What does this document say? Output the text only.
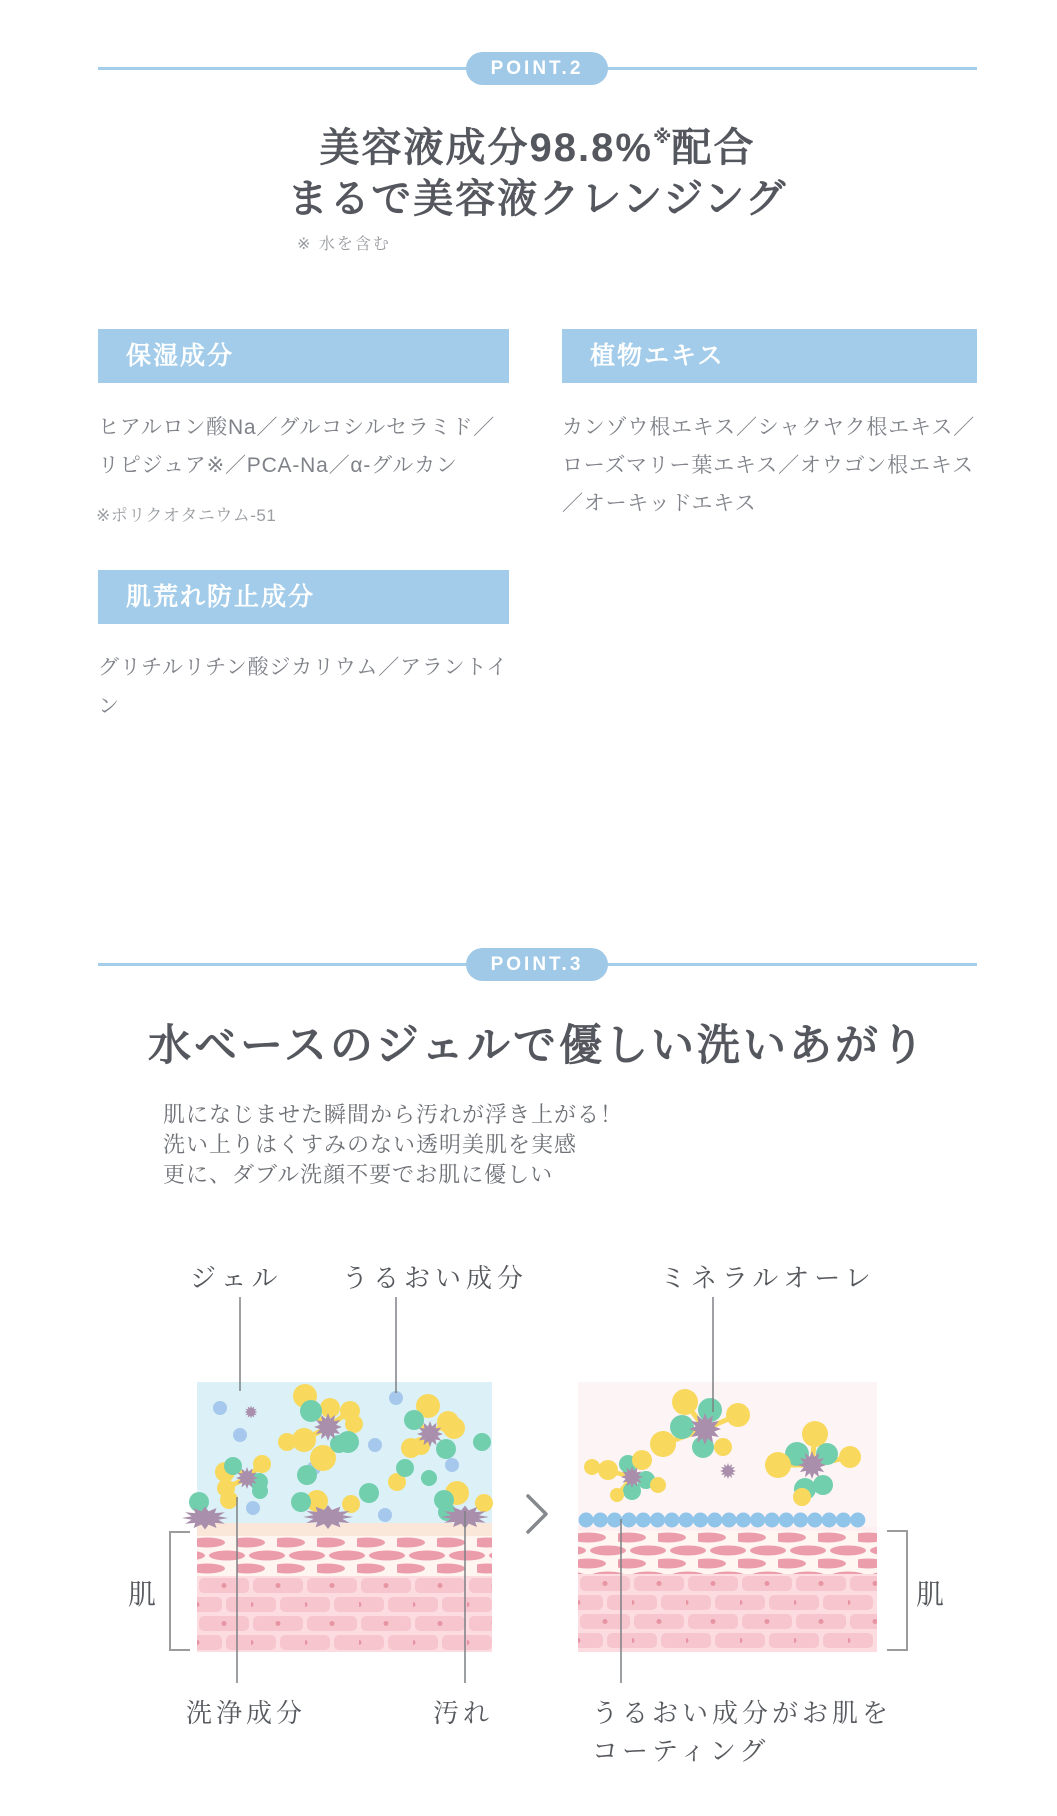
POINT.2
美容液成分98.8%※配合
まるで美容液クレンジング
※ 水を含む
保湿成分
ヒアルロン酸Na／グルコシルセラミド／
リピジュア※／PCA-Na／α-グルカン
※ポリクオタニウム-51
植物エキス
カンゾウ根エキス／シャクヤク根エキス／
ローズマリー葉エキス／オウゴン根エキス
／オーキッドエキス
肌荒れ防止成分
グリチルリチン酸ジカリウム／アラントイ
ン
POINT.3
水ベースのジェルで優しい洗いあがり
肌になじませた瞬間から汚れが浮き上がる！
洗い上りはくすみのない透明美肌を実感
更に、ダブル洗顔不要でお肌に優しい
ジェル うるおい成分	ミネラルオーレ
肌	肌
洗浄成分	汚れ	うるおい成分がお肌を
コーティング
